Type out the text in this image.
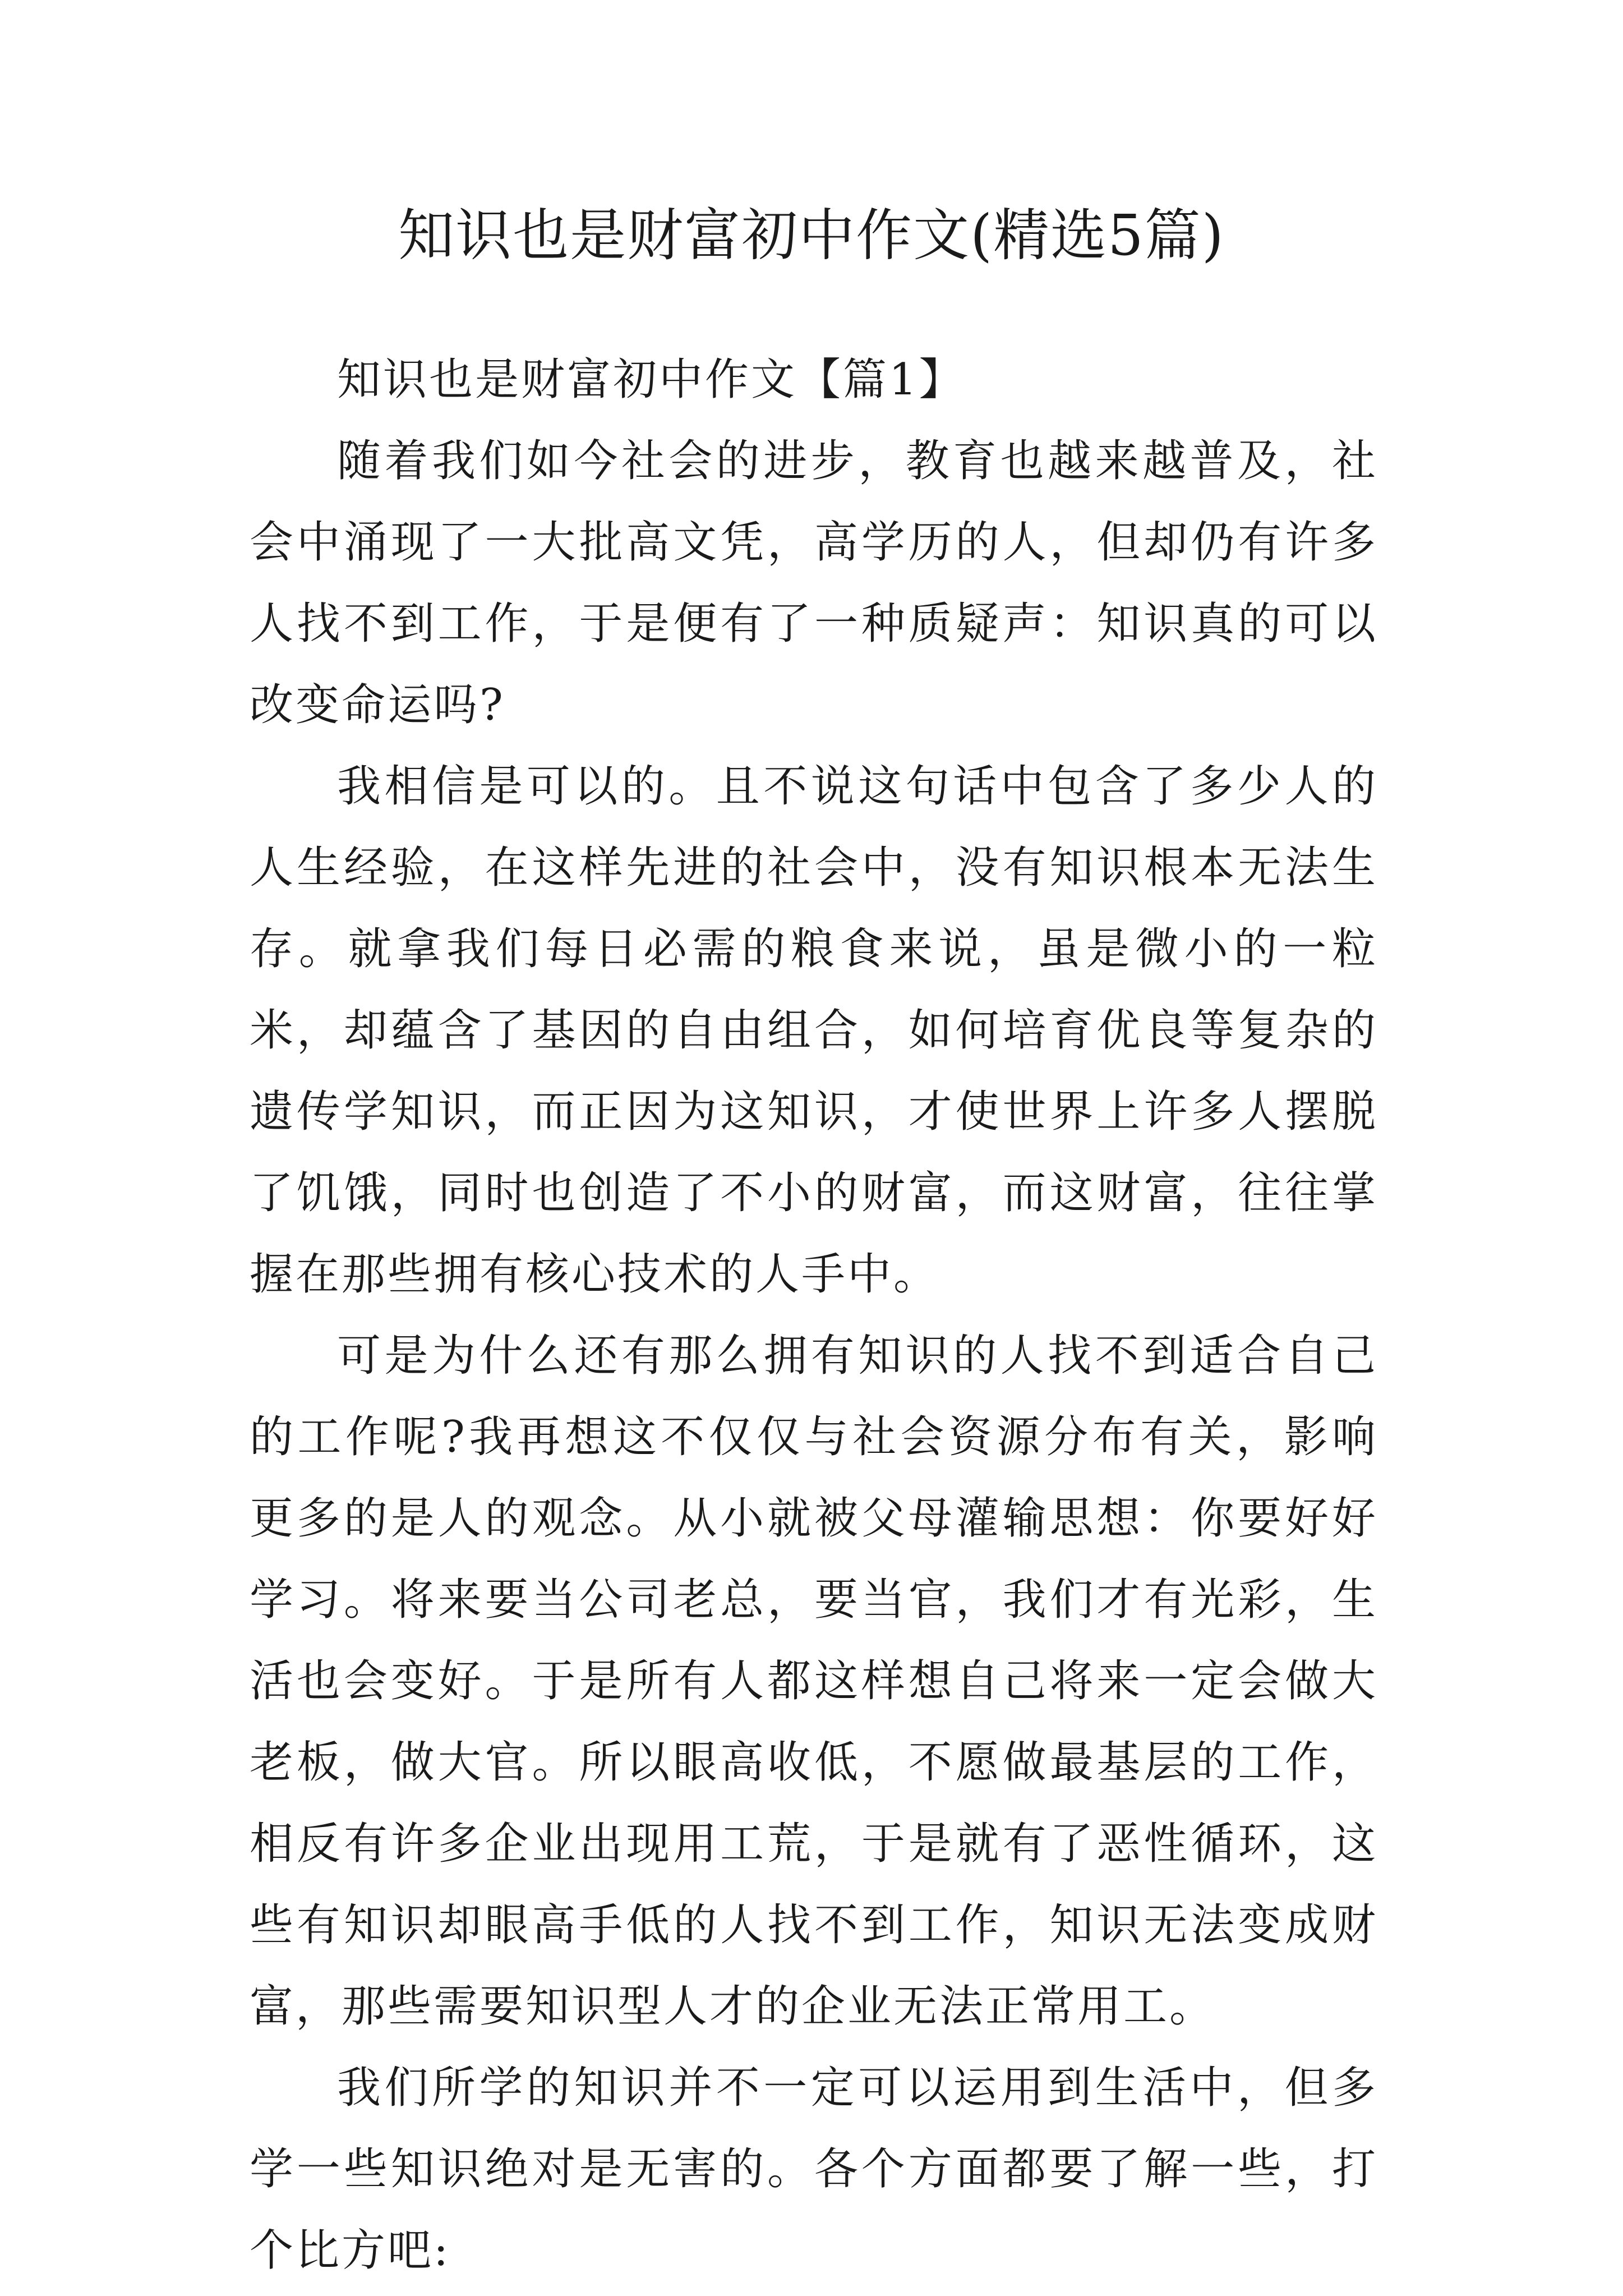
知识也是财富初中作文(精选5篇)

知识也是财富初中作文【篇1】

随着我们如今社会的进步，教育也越来越普及，社会中涌现了一大批高文凭，高学历的人，但却仍有许多人找不到工作，于是便有了一种质疑声：知识真的可以改变命运吗?

我相信是可以的。且不说这句话中包含了多少人的人生经验，在这样先进的社会中，没有知识根本无法生存。就拿我们每日必需的粮食来说，虽是微小的一粒米，却蕴含了基因的自由组合，如何培育优良等复杂的遗传学知识，而正因为这知识，才使世界上许多人摆脱了饥饿，同时也创造了不小的财富，而这财富，往往掌握在那些拥有核心技术的人手中。

可是为什么还有那么拥有知识的人找不到适合自己的工作呢?我再想这不仅仅与社会资源分布有关，影响更多的是人的观念。从小就被父母灌输思想：你要好好学习。将来要当公司老总，要当官，我们才有光彩，生活也会变好。于是所有人都这样想自己将来一定会做大老板，做大官。所以眼高收低，不愿做最基层的工作，相反有许多企业出现用工荒，于是就有了恶性循环，这些有知识却眼高手低的人找不到工作，知识无法变成财富，那些需要知识型人才的企业无法正常用工。

我们所学的知识并不一定可以运用到生活中，但多学一些知识绝对是无害的。各个方面都要了解一些，打个比方吧:
